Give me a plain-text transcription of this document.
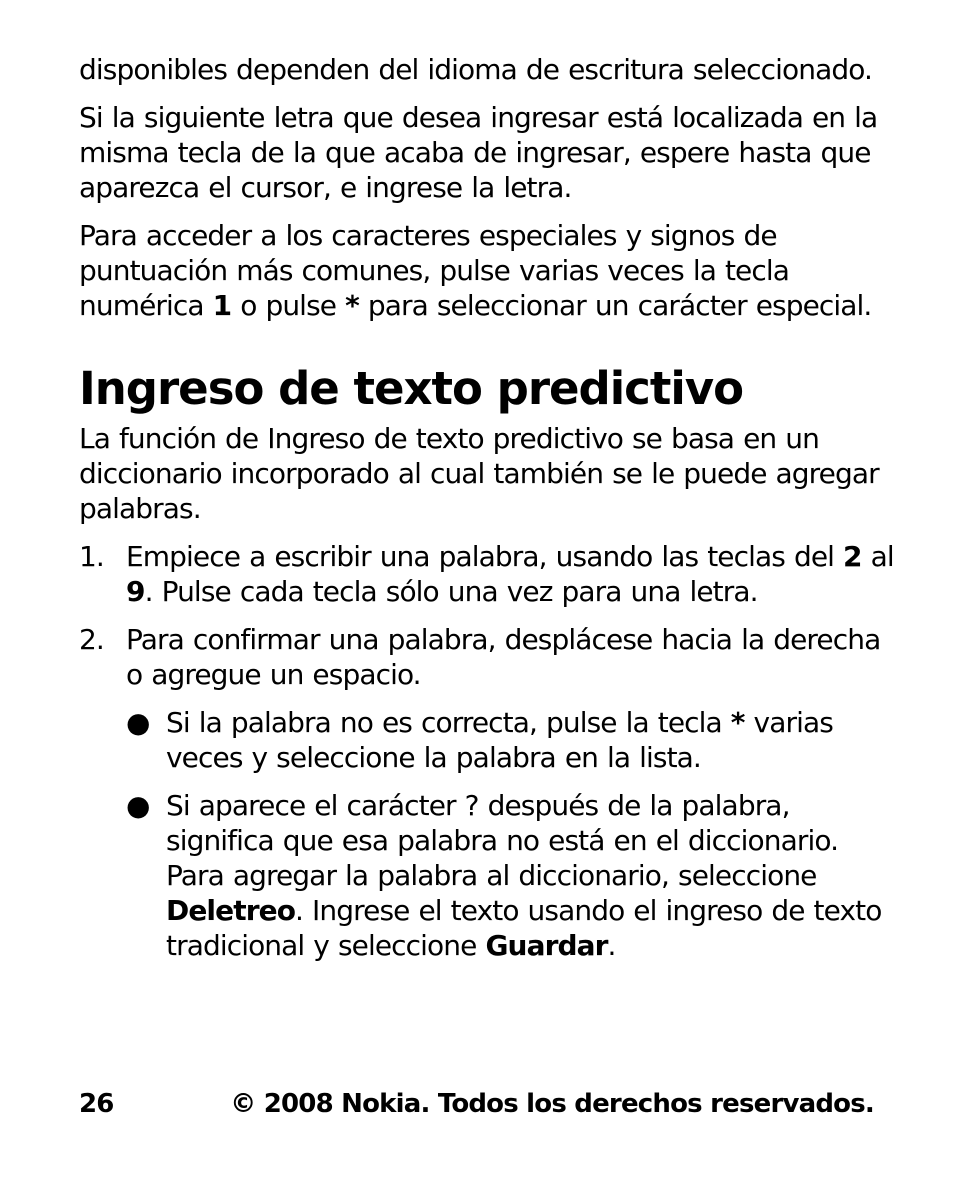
disponibles dependen del idioma de escritura seleccionado.

Si la siguiente letra que desea ingresar está localizada en la misma tecla de la que acaba de ingresar, espere hasta que aparezca el cursor, e ingrese la letra.

Para acceder a los caracteres especiales y signos de puntuación más comunes, pulse varias veces la tecla numérica 1 o pulse * para seleccionar un carácter especial.

Ingreso de texto predictivo

La función de Ingreso de texto predictivo se basa en un diccionario incorporado al cual también se le puede agregar palabras.

1. Empiece a escribir una palabra, usando las teclas del 2 al 9. Pulse cada tecla sólo una vez para una letra.
2. Para confirmar una palabra, desplácese hacia la derecha o agregue un espacio.
● Si la palabra no es correcta, pulse la tecla * varias veces y seleccione la palabra en la lista.
● Si aparece el carácter ? después de la palabra, significa que esa palabra no está en el diccionario. Para agregar la palabra al diccionario, seleccione Deletreo. Ingrese el texto usando el ingreso de texto tradicional y seleccione Guardar.
26	© 2008 Nokia. Todos los derechos reservados.
